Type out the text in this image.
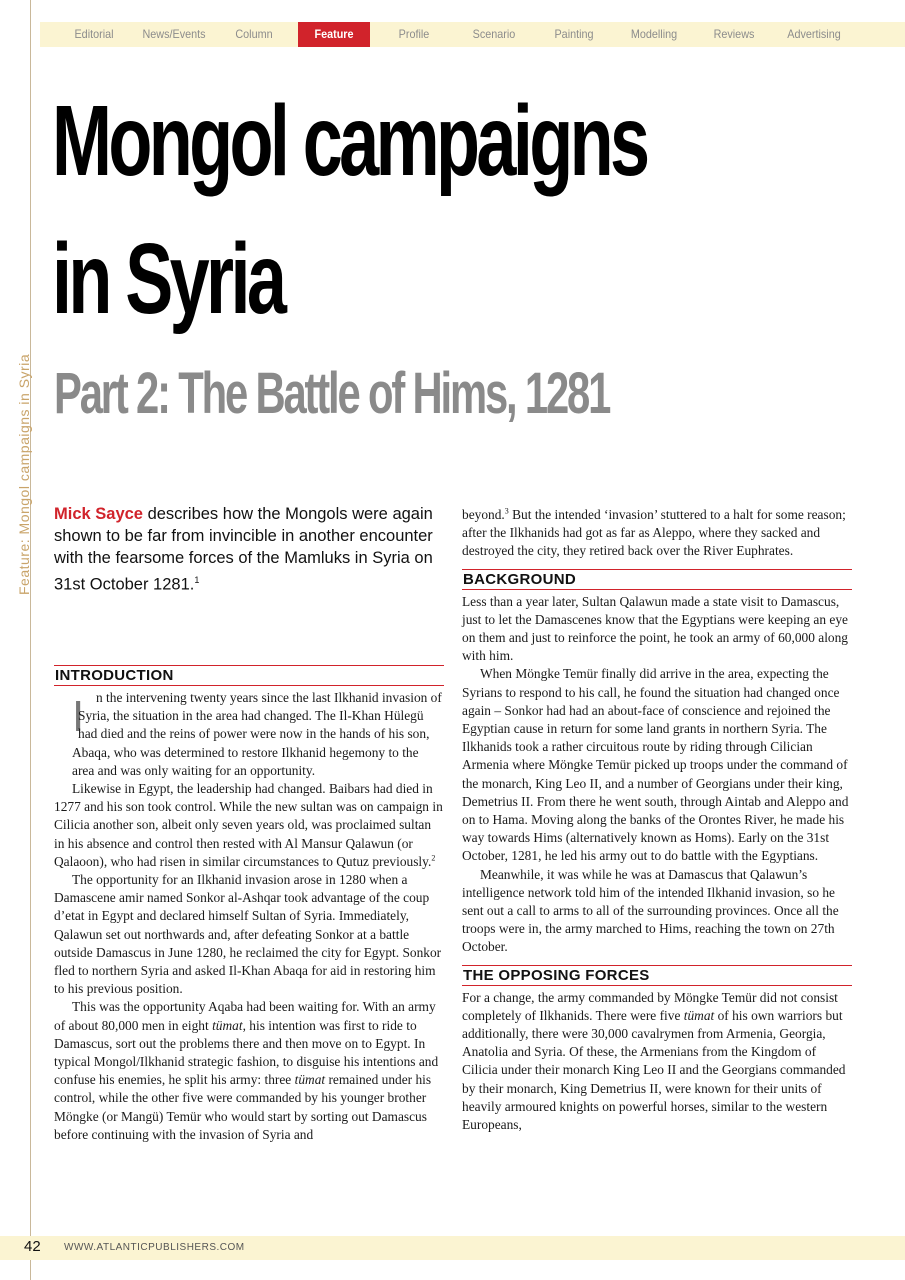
Editorial	News/Events	Column	Feature	Profile	Scenario	Painting	Modelling	Reviews	Advertising
Feature: Mongol campaigns in Syria
Mongol campaigns
in Syria
Part 2: The Battle of Hims, 1281
Mick Sayce describes how the Mongols were again shown to be far from invincible in another encounter with the fearsome forces of the Mamluks in Syria on 31st October 1281.$^1$
INTRODUCTION

In the intervening twenty years since the last Ilkhanid invasion of Syria, the situation in the area had changed. The Il-Khan Hülegü had died and the reins of power were now in the hands of his son, Abaqa, who was determined to restore Ilkhanid hegemony to the area and was only waiting for an opportunity.

Likewise in Egypt, the leadership had changed. Baibars had died in 1277 and his son took control. While the new sultan was on campaign in Cilicia another son, albeit only seven years old, was proclaimed sultan in his absence and control then rested with Al Mansur Qalawun (or Qalaoon), who had risen in similar circumstances to Qutuz previously.$^2$

The opportunity for an Ilkhanid invasion arose in 1280 when a Damascene amir named Sonkor al-Ashqar took advantage of the coup d’etat in Egypt and declared himself Sultan of Syria. Immediately, Qalawun set out northwards and, after defeating Sonkor at a battle outside Damascus in June 1280, he reclaimed the city for Egypt. Sonkor fled to northern Syria and asked Il-Khan Abaqa for aid in restoring him to his previous position.

This was the opportunity Aqaba had been waiting for. With an army of about 80,000 men in eight tümat, his intention was first to ride to Damascus, sort out the problems there and then move on to Egypt. In typical Mongol/Ilkhanid strategic fashion, to disguise his intentions and confuse his enemies, he split his army: three tümat remained under his control, while the other five were commanded by his younger brother Möngke (or Mangü) Temür who would start by sorting out Damascus before continuing with the invasion of Syria and

beyond.$^3$ But the intended ‘invasion’ stuttered to a halt for some reason; after the Ilkhanids had got as far as Aleppo, where they sacked and destroyed the city, they retired back over the River Euphrates.

BACKGROUND

Less than a year later, Sultan Qalawun made a state visit to Damascus, just to let the Damascenes know that the Egyptians were keeping an eye on them and just to reinforce the point, he took an army of 60,000 along with him.

When Möngke Temür finally did arrive in the area, expecting the Syrians to respond to his call, he found the situation had changed once again – Sonkor had had an about-face of conscience and rejoined the Egyptian cause in return for some land grants in northern Syria. The Ilkhanids took a rather circuitous route by riding through Cilician Armenia where Möngke Temür picked up troops under the command of the monarch, King Leo II, and a number of Georgians under their king, Demetrius II. From there he went south, through Aintab and Aleppo and on to Hama. Moving along the banks of the Orontes River, he made his way towards Hims (alternatively known as Homs). Early on the 31st October, 1281, he led his army out to do battle with the Egyptians.

Meanwhile, it was while he was at Damascus that Qalawun’s intelligence network told him of the intended Ilkhanid invasion, so he sent out a call to arms to all of the surrounding provinces. Once all the troops were in, the army marched to Hims, reaching the town on 27th October.

THE OPPOSING FORCES

For a change, the army commanded by Möngke Temür did not consist completely of Ilkhanids. There were five tümat of his own warriors but additionally, there were 30,000 cavalrymen from Armenia, Georgia, Anatolia and Syria. Of these, the Armenians from the Kingdom of Cilicia under their monarch King Leo II and the Georgians commanded by their monarch, King Demetrius II, were known for their units of heavily armoured knights on powerful horses, similar to the western Europeans,

42 WWW.ATLANTICPUBLISHERS.COM
